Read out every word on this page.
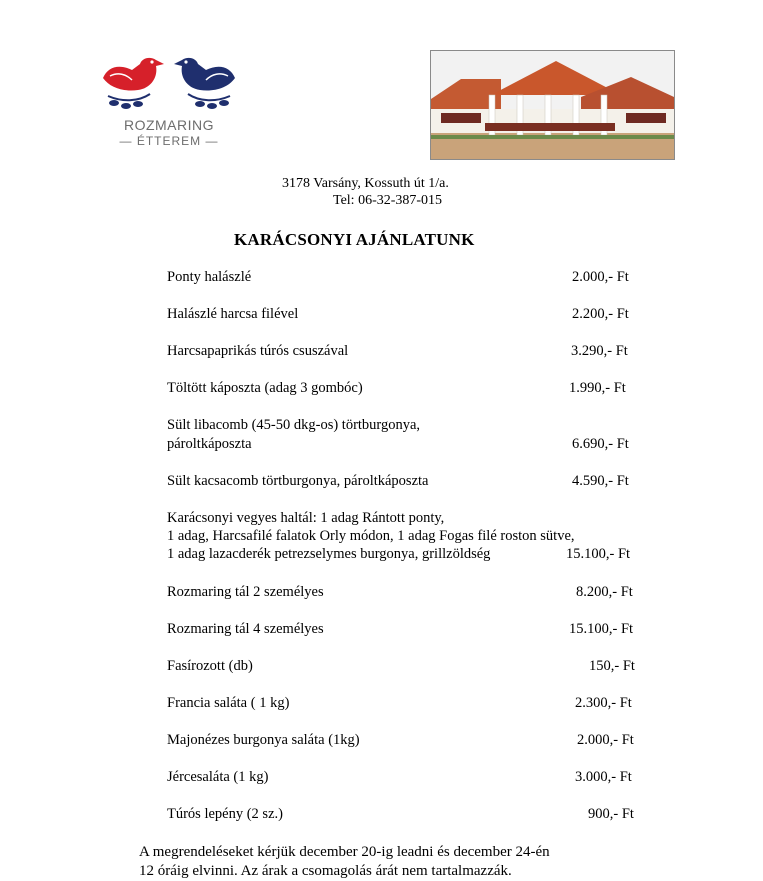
ROZMARING
— ÉTTEREM —
3178 Varsány, Kossuth út 1/a.
Tel: 06-32-387-015
KARÁCSONYI AJÁNLATUNK
Ponty halászlé	2.000,- Ft
Halászlé harcsa filével	2.200,- Ft
Harcsapaprikás túrós csuszával	3.290,- Ft
Töltött káposzta (adag 3 gombóc)	1.990,- Ft
Sült libacomb (45-50 dkg-os) törtburgonya,
pároltkáposzta	6.690,- Ft
Sült kacsacomb törtburgonya, pároltkáposzta	4.590,- Ft
Karácsonyi vegyes haltál: 1 adag Rántott ponty,
1 adag, Harcsafilé falatok Orly módon, 1 adag Fogas filé roston sütve,
1 adag lazacderék petrezselymes burgonya, grillzöldség	15.100,- Ft
Rozmaring tál 2 személyes	8.200,- Ft
Rozmaring tál 4 személyes	15.100,- Ft
Fasírozott (db)	150,- Ft
Francia saláta ( 1 kg)	2.300,- Ft
Majonézes burgonya saláta (1kg)	2.000,- Ft
Jércesaláta (1 kg)	3.000,- Ft
Túrós lepény (2 sz.)	900,- Ft
A megrendeléseket kérjük december 20-ig leadni és december 24-én
12 óráig elvinni. Az árak a csomagolás árát nem tartalmazzák.
